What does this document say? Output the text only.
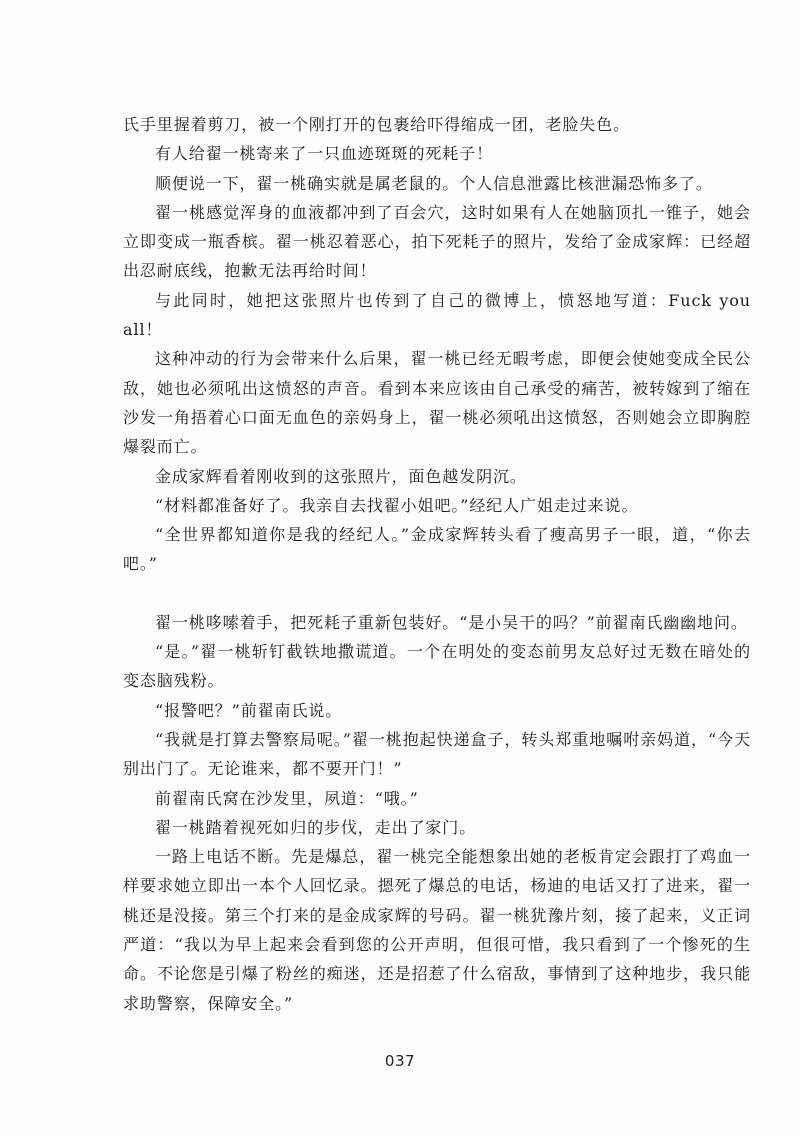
氏手里握着剪刀，被一个刚打开的包裹给吓得缩成一团，老脸失色。

有人给翟一桃寄来了一只血迹斑斑的死耗子！

顺便说一下，翟一桃确实就是属老鼠的。个人信息泄露比核泄漏恐怖多了。

翟一桃感觉浑身的血液都冲到了百会穴，这时如果有人在她脑顶扎一锥子，她会立即变成一瓶香槟。翟一桃忍着恶心，拍下死耗子的照片，发给了金成家辉：已经超出忍耐底线，抱歉无法再给时间！

与此同时，她把这张照片也传到了自己的微博上，愤怒地写道：Fuck you all！

这种冲动的行为会带来什么后果，翟一桃已经无暇考虑，即便会使她变成全民公敌，她也必须吼出这愤怒的声音。看到本来应该由自己承受的痛苦，被转嫁到了缩在沙发一角捂着心口面无血色的亲妈身上，翟一桃必须吼出这愤怒，否则她会立即胸腔爆裂而亡。

金成家辉看着刚收到的这张照片，面色越发阴沉。

“材料都准备好了。我亲自去找翟小姐吧。”经纪人广姐走过来说。

“全世界都知道你是我的经纪人。”金成家辉转头看了瘦高男子一眼，道，“你去吧。”

翟一桃哆嗦着手，把死耗子重新包装好。“是小吴干的吗？”前翟南氏幽幽地问。

“是。”翟一桃斩钉截铁地撒谎道。一个在明处的变态前男友总好过无数在暗处的变态脑残粉。

“报警吧？”前翟南氏说。

“我就是打算去警察局呢。”翟一桃抱起快递盒子，转头郑重地嘱咐亲妈道，“今天别出门了。无论谁来，都不要开门！”

前翟南氏窝在沙发里，夙道：“哦。”

翟一桃踏着视死如归的步伐，走出了家门。

一路上电话不断。先是爆总，翟一桃完全能想象出她的老板肯定会跟打了鸡血一样要求她立即出一本个人回忆录。摁死了爆总的电话，杨迪的电话又打了进来，翟一桃还是没接。第三个打来的是金成家辉的号码。翟一桃犹豫片刻，接了起来，义正词严道：“我以为早上起来会看到您的公开声明，但很可惜，我只看到了一个惨死的生命。不论您是引爆了粉丝的痴迷，还是招惹了什么宿敌，事情到了这种地步，我只能求助警察，保障安全。”

037
